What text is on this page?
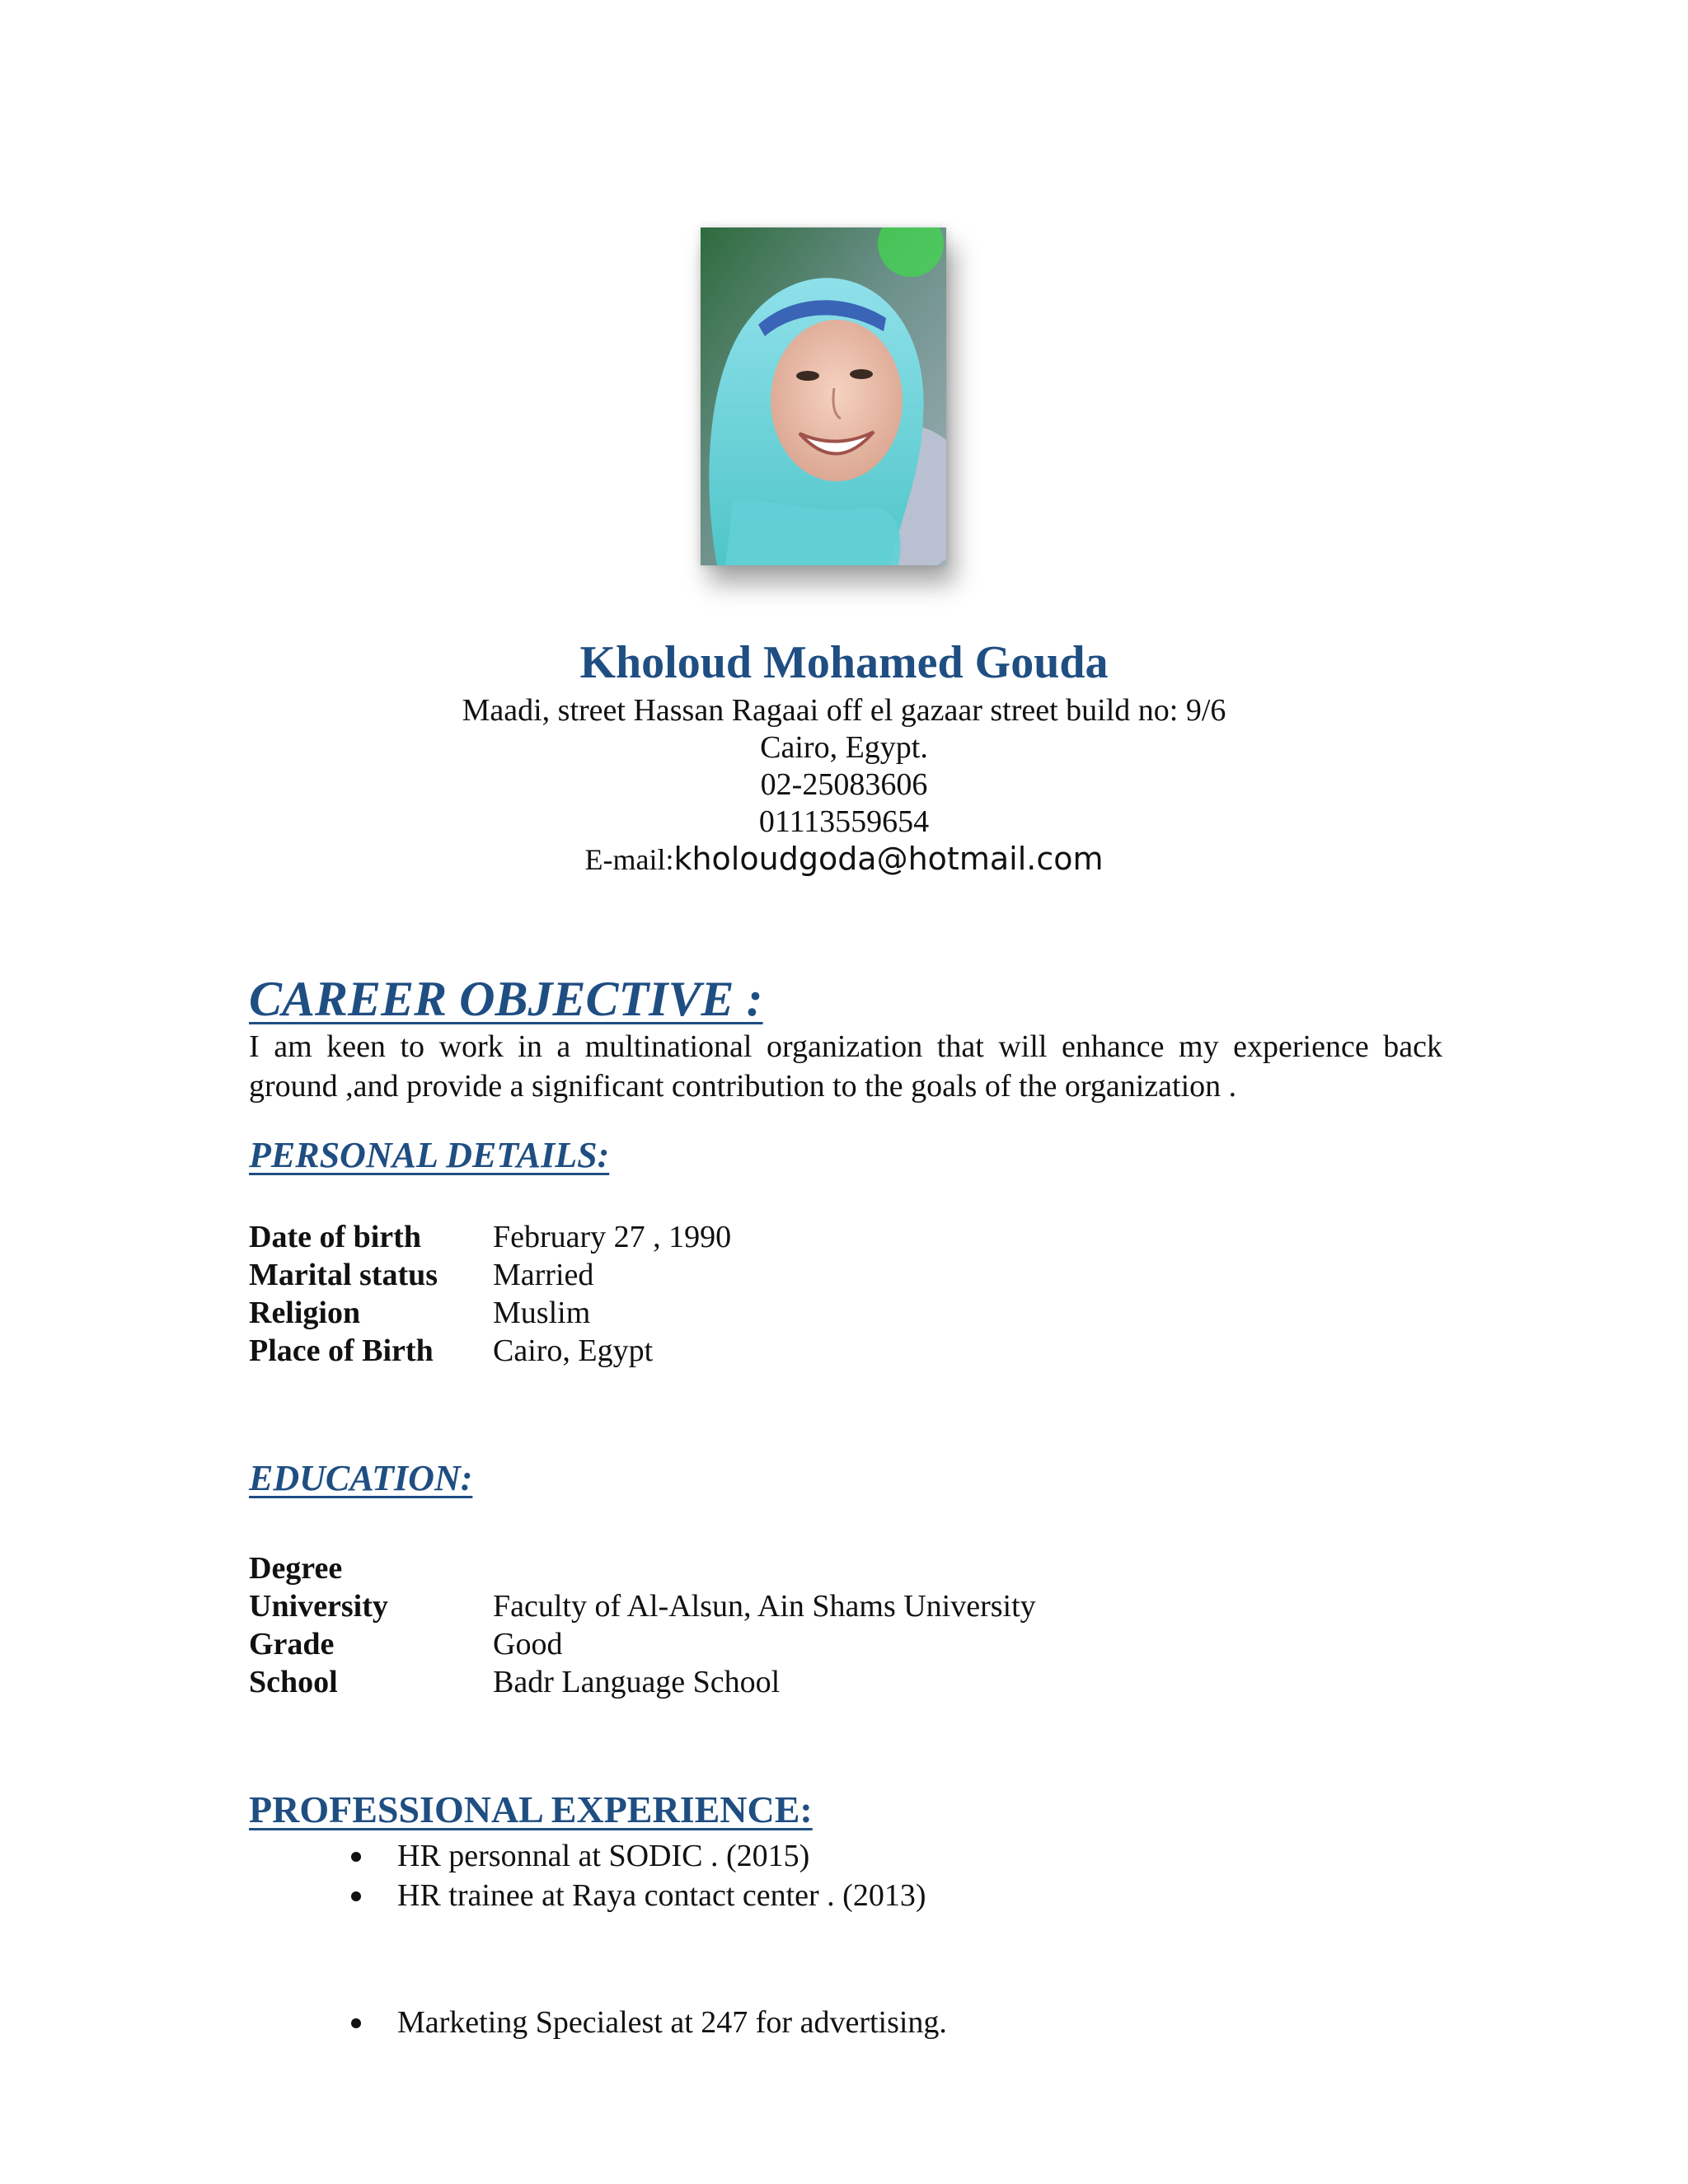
Kholoud Mohamed Gouda
Maadi, street Hassan Ragaai off el gazaar street build no: 9/6
Cairo, Egypt.
02-25083606
01113559654
E-mail:kholoudgoda@hotmail.com
CAREER OBJECTIVE :

I am keen to work in a multinational organization that will enhance my experience back ground ,and provide a significant contribution to the goals of the organization .

PERSONAL DETAILS:
Date of birth	February 27 , 1990
Marital status	Married
Religion	Muslim
Place of Birth	Cairo, Egypt
EDUCATION:
Degree	
University	Faculty of Al-Alsun, Ain Shams University
Grade	Good
School	Badr Language School
PROFESSIONAL EXPERIENCE:
HR personnal at SODIC . (2015)
HR trainee at Raya contact center . (2013)
Marketing Specialest at 247 for advertising.
